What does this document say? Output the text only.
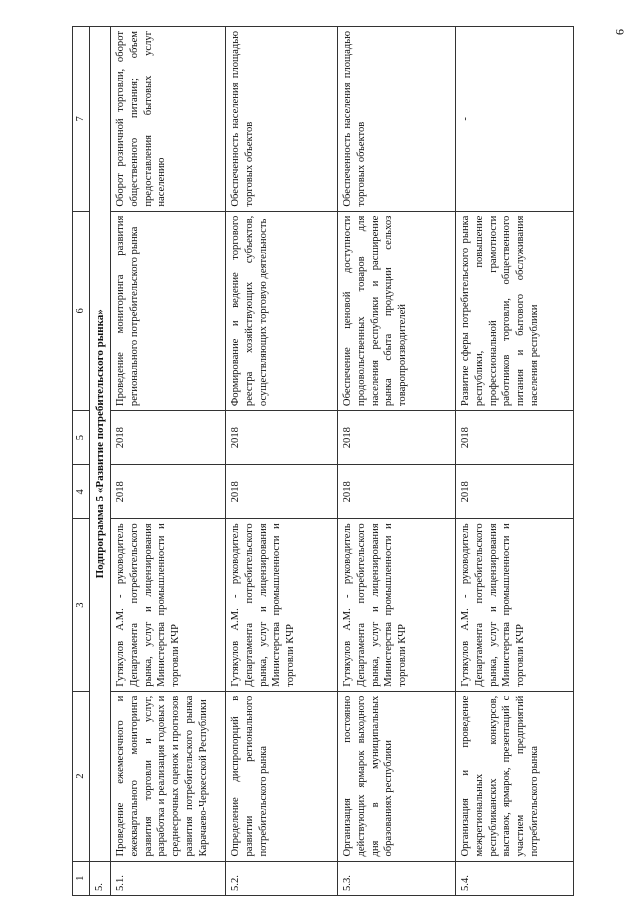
9
1	2	3	4	5	6	7
5.	Подпрограмма 5 «Развитие потребительского рынка»					
5.1.	Проведение ежемесячного и ежеквартального мониторинга развития торговли и услуг, разработка и реализация годовых и среднесрочных оценок и прогнозов развития потребительского рынка Карачаево-Черкесской Республики	Гутякулов А.М. - руководитель Департамента потребительского рынка, услуг и лицензирования Министерства промышленности и торговли КЧР	2018	2018	Проведение мониторинга развития регионального потребительского рынка	Оборот розничной торговли, оборот общественного питания; объем предоставления бытовых услуг населению
5.2.	Определение диспропорций в развитии регионального потребительского рынка	Гутякулов А.М. - руководитель Департамента потребительского рынка, услуг и лицензирования Министерства промышленности и торговли КЧР	2018	2018	Формирование и ведение торгового реестра хозяйствующих субъектов, осуществляющих торговую деятельность	Обеспеченность населения площадью торговых объектов
5.3.	Организация постоянно действующих ярмарок выходного дня в муниципальных образованиях республики	Гутякулов А.М. - руководитель Департамента потребительского рынка, услуг и лицензирования Министерства промышленности и торговли КЧР	2018	2018	Обеспечение ценовой доступности продовольственных товаров для населения республики и расширение рынка сбыта продукции сельхоз товаропроизводителей	Обеспеченность населения площадью торговых объектов
5.4.	Организация и проведение межрегиональных республиканских конкурсов, выставок, ярмарок, презентаций с участием предприятий потребительского рынка	Гутякулов А.М. - руководитель Департамента потребительского рынка, услуг и лицензирования Министерства промышленности и торговли КЧР	2018	2018	Развитие сферы потребительского рынка республики, повышение профессиональной грамотности работников торговли, общественного питания и бытового обслуживания населения республики	-
